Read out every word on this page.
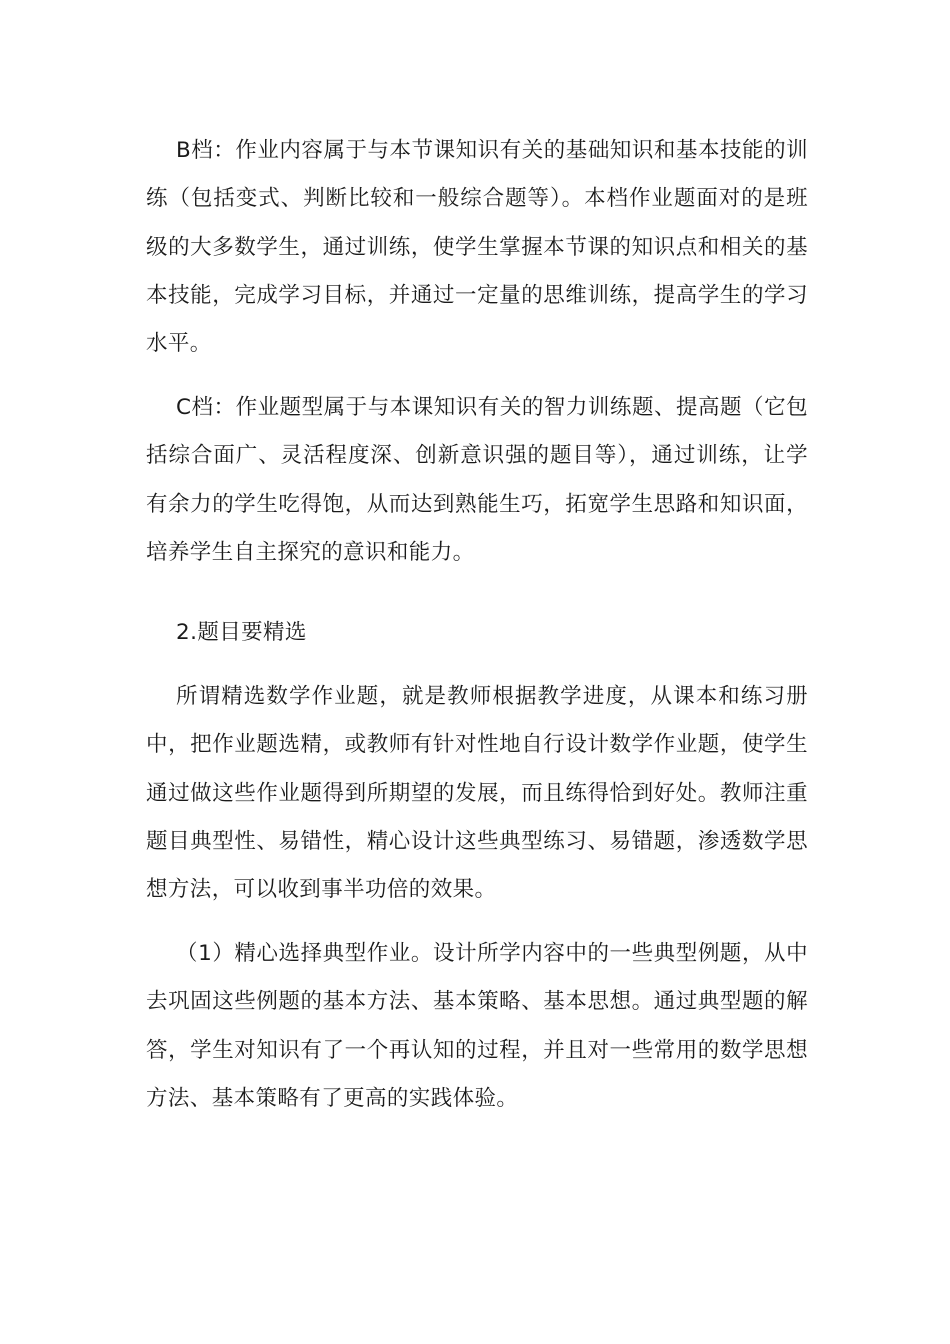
B档：作业内容属于与本节课知识有关的基础知识和基本技能的训练（包括变式、判断比较和一般综合题等）。本档作业题面对的是班级的大多数学生，通过训练，使学生掌握本节课的知识点和相关的基本技能，完成学习目标，并通过一定量的思维训练，提高学生的学习水平。

C档：作业题型属于与本课知识有关的智力训练题、提高题（它包括综合面广、灵活程度深、创新意识强的题目等），通过训练，让学有余力的学生吃得饱，从而达到熟能生巧，拓宽学生思路和知识面，培养学生自主探究的意识和能力。

2.题目要精选

所谓精选数学作业题，就是教师根据教学进度，从课本和练习册中，把作业题选精，或教师有针对性地自行设计数学作业题，使学生通过做这些作业题得到所期望的发展，而且练得恰到好处。教师注重题目典型性、易错性，精心设计这些典型练习、易错题，渗透数学思想方法，可以收到事半功倍的效果。

（1）精心选择典型作业。设计所学内容中的一些典型例题，从中去巩固这些例题的基本方法、基本策略、基本思想。通过典型题的解答，学生对知识有了一个再认知的过程，并且对一些常用的数学思想方法、基本策略有了更高的实践体验。
